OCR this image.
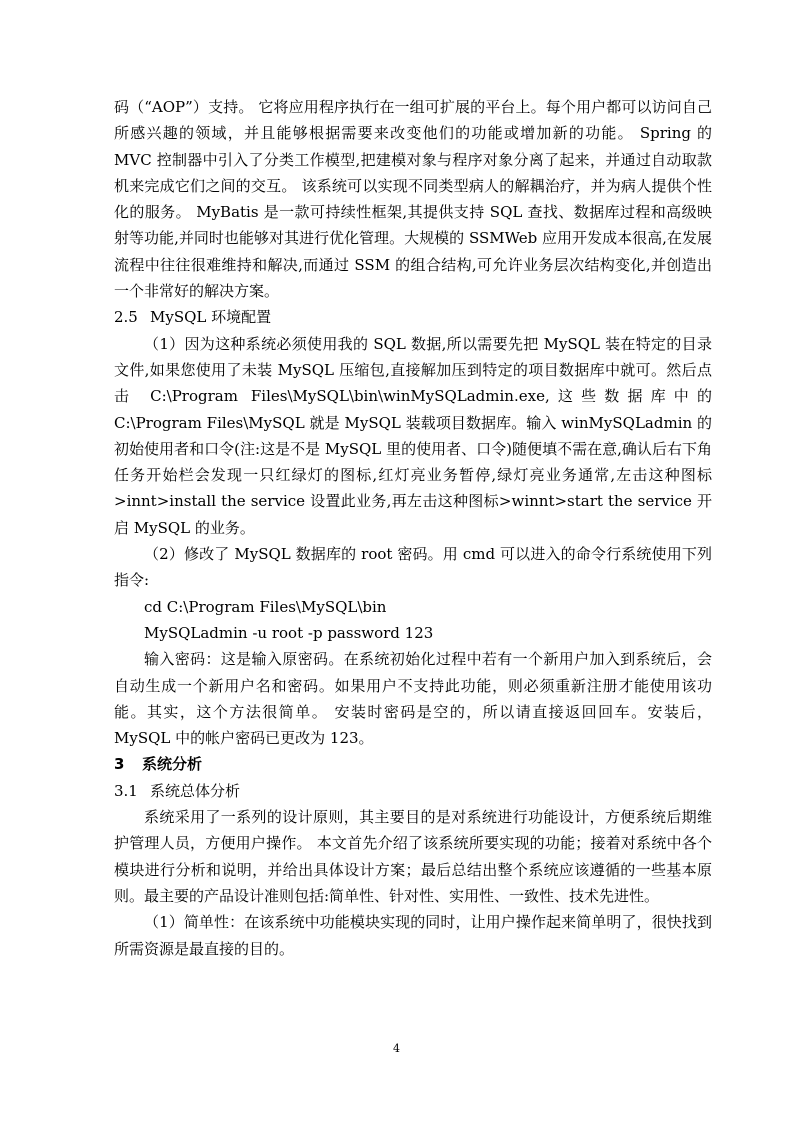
码（“AOP”）支持。 它将应用程序执行在一组可扩展的平台上。每个用户都可以访问自己所感兴趣的领域，并且能够根据需要来改变他们的功能或增加新的功能。 Spring 的 MVC 控制器中引入了分类工作模型,把建模对象与程序对象分离了起来，并通过自动取款机来完成它们之间的交互。 该系统可以实现不同类型病人的解耦治疗，并为病人提供个性化的服务。 MyBatis 是一款可持续性框架,其提供支持 SQL 查找、数据库过程和高级映射等功能,并同时也能够对其进行优化管理。大规模的 SSMWeb 应用开发成本很高,在发展流程中往往很难维持和解决,而通过 SSM 的组合结构,可允许业务层次结构变化,并创造出一个非常好的解决方案。

2.5 MySQL 环境配置

（1）因为这种系统必须使用我的 SQL 数据,所以需要先把 MySQL 装在特定的目录文件,如果您使用了未装 MySQL 压缩包,直接解加压到特定的项目数据库中就可。然后点击 C:\Program Files\MySQL\bin\winMySQLadmin.exe,这些数据库中的 C:\Program Files\MySQL 就是 MySQL 装载项目数据库。输入 winMySQLadmin 的初始使用者和口令(注:这是不是 MySQL 里的使用者、口令)随便填不需在意,确认后右下角任务开始栏会发现一只红绿灯的图标,红灯亮业务暂停,绿灯亮业务通常,左击这种图标>innt>install the service 设置此业务,再左击这种图标>winnt>start the service 开启 MySQL 的业务。

（2）修改了 MySQL 数据库的 root 密码。用 cmd 可以进入的命令行系统使用下列指令:

cd C:\Program Files\MySQL\bin

MySQLadmin -u root -p password 123

输入密码：这是输入原密码。在系统初始化过程中若有一个新用户加入到系统后，会自动生成一个新用户名和密码。如果用户不支持此功能，则必须重新注册才能使用该功能。其实，这个方法很简单。 安装时密码是空的，所以请直接返回回车。安装后，MySQL 中的帐户密码已更改为 123。

3 系统分析

3.1 系统总体分析

系统采用了一系列的设计原则，其主要目的是对系统进行功能设计，方便系统后期维护管理人员，方便用户操作。 本文首先介绍了该系统所要实现的功能；接着对系统中各个模块进行分析和说明，并给出具体设计方案；最后总结出整个系统应该遵循的一些基本原则。最主要的产品设计准则包括:简单性、针对性、实用性、一致性、技术先进性。

（1）简单性：在该系统中功能模块实现的同时，让用户操作起来简单明了，很快找到所需资源是最直接的目的。

4
